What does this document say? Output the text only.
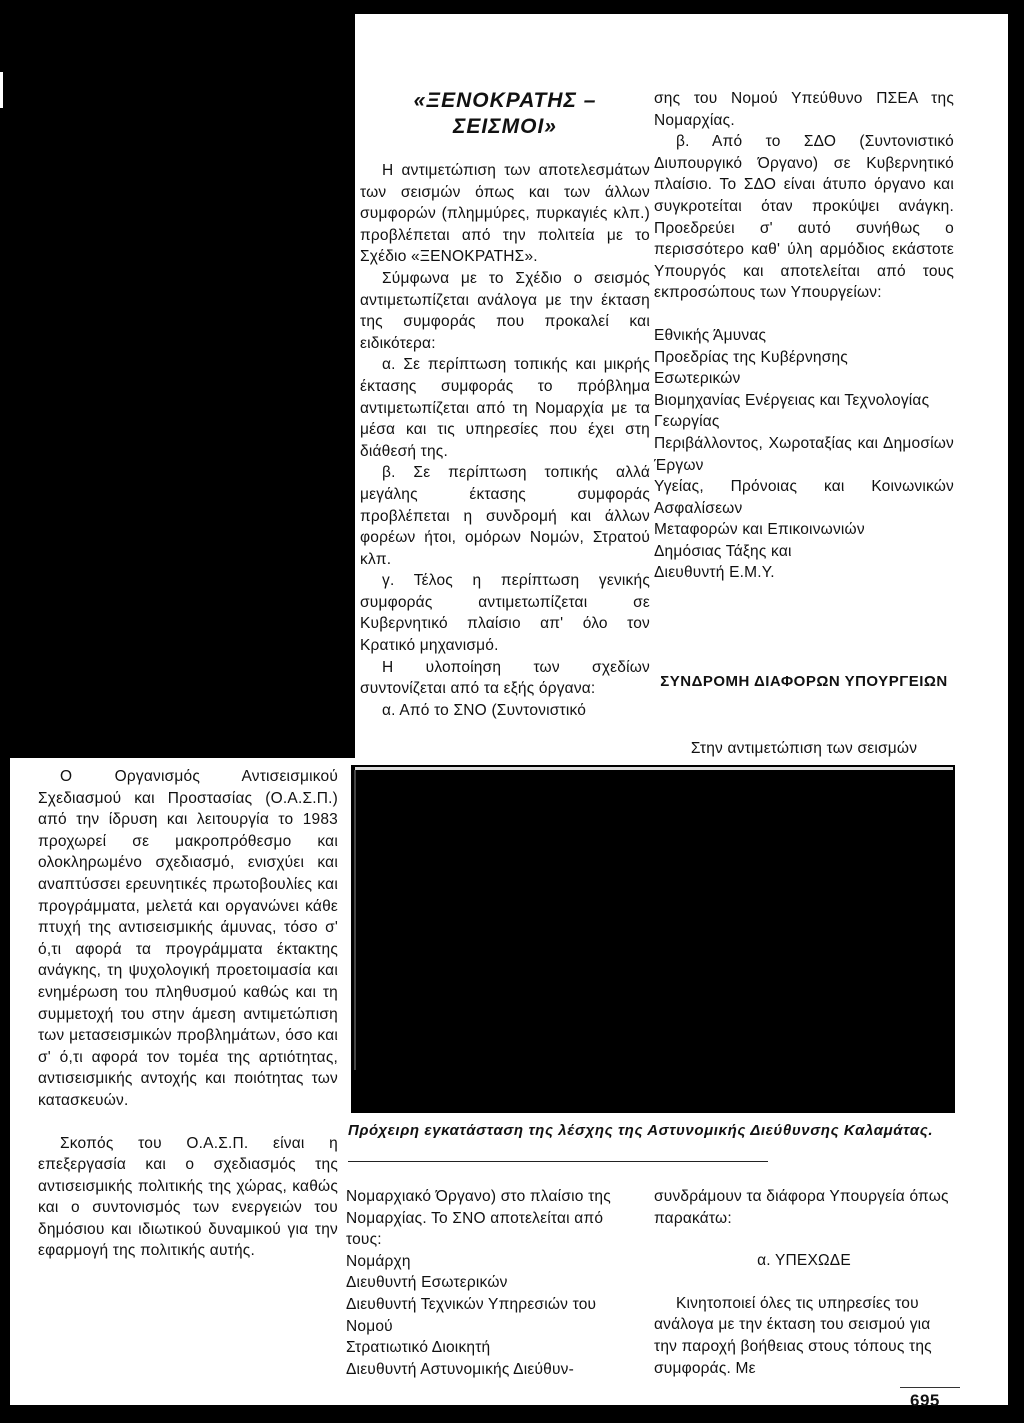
«ΞΕΝΟΚΡΑΤΗΣ – ΣΕΙΣΜΟΙ»

Ο Οργανισμός Αντισεισμικού Σχεδιασμού και Προστασίας (Ο.Α.Σ.Π.) από την ίδρυση και λειτουργία το 1983 προχωρεί σε μακροπρόθεσμο και ολοκληρωμένο σχεδιασμό, ενισχύει και αναπτύσσει ερευνητικές πρωτοβουλίες και προγράμματα, μελετά και οργανώνει κάθε πτυχή της αντισεισμικής άμυνας, τόσο σ' ό,τι αφορά τα προγράμματα έκτακτης ανάγκης, τη ψυχολογική προετοιμασία και ενημέρωση του πληθυσμού καθώς και τη συμμετοχή του στην άμεση αντιμετώπιση των μετασεισμικών προβλημάτων, όσο και σ' ό,τι αφορά τον τομέα της αρτιότητας, αντισεισμικής αντοχής και ποιότητας των κατασκευών.

Σκοπός του Ο.Α.Σ.Π. είναι η επεξεργασία και ο σχεδιασμός της αντισεισμικής πολιτικής της χώρας, καθώς και ο συντονισμός των ενεργειών του δημόσιου και ιδιωτικού δυναμικού για την εφαρμογή της πολιτικής αυτής.

Η αντιμετώπιση των αποτελεσμάτων των σεισμών όπως και των άλλων συμφορών (πλημμύρες, πυρκαγιές κλπ.) προβλέπεται από την πολιτεία με το Σχέδιο «ΞΕΝΟΚΡΑΤΗΣ».

Σύμφωνα με το Σχέδιο ο σεισμός αντιμετωπίζεται ανάλογα με την έκταση της συμφοράς που προκαλεί και ειδικότερα:

α. Σε περίπτωση τοπικής και μικρής έκτασης συμφοράς το πρόβλημα αντιμετωπίζεται από τη Νομαρχία με τα μέσα και τις υπηρεσίες που έχει στη διάθεσή της.

β. Σε περίπτωση τοπικής αλλά μεγάλης έκτασης συμφοράς προβλέπεται η συνδρομή και άλλων φορέων ήτοι, ομόρων Νομών, Στρατού κλπ.

γ. Τέλος η περίπτωση γενικής συμφοράς αντιμετωπίζεται σε Κυβερνητικό πλαίσιο απ' όλο τον Κρατικό μηχανισμό.

Η υλοποίηση των σχεδίων συντονίζεται από τα εξής όργανα:

α. Από το ΣΝΟ (Συντονιστικό

σης του Νομού Υπεύθυνο ΠΣΕΑ της Νομαρχίας.

β. Από το ΣΔΟ (Συντονιστικό Διυπουργικό Όργανο) σε Κυβερνητικό πλαίσιο. Το ΣΔΟ είναι άτυπο όργανο και συγκροτείται όταν προκύψει ανάγκη. Προεδρεύει σ' αυτό συνήθως ο περισσότερο καθ' ύλη αρμόδιος εκάστοτε Υπουργός και αποτελείται από τους εκπροσώπους των Υπουργείων:

Εθνικής Άμυνας

Προεδρίας της Κυβέρνησης

Εσωτερικών

Βιομηχανίας Ενέργειας και Τεχνολογίας

Γεωργίας

Περιβάλλοντος, Χωροταξίας και Δημοσίων Έργων

Υγείας, Πρόνοιας και Κοινωνικών Ασφαλίσεων

Μεταφορών και Επικοινωνιών

Δημόσιας Τάξης και

Διευθυντή Ε.Μ.Υ.

ΣΥΝΔΡΟΜΗ ΔΙΑΦΟΡΩΝ ΥΠΟΥΡΓΕΙΩΝ
Στην αντιμετώπιση των σεισμών
Πρόχειρη εγκατάσταση της λέσχης της Αστυνομικής Διεύθυνσης Καλαμάτας.

Νομαρχιακό Όργανο) στο πλαίσιο της Νομαρχίας. Το ΣΝΟ αποτελείται από τους:

Νομάρχη

Διευθυντή Εσωτερικών

Διευθυντή Τεχνικών Υπηρεσιών του Νομού

Στρατιωτικό Διοικητή

Διευθυντή Αστυνομικής Διεύθυν-

συνδράμουν τα διάφορα Υπουργεία όπως παρακάτω:

α. ΥΠΕΧΩΔΕ

Κινητοποιεί όλες τις υπηρεσίες του ανάλογα με την έκταση του σεισμού για την παροχή βοήθειας στους τόπους της συμφοράς. Με

695
